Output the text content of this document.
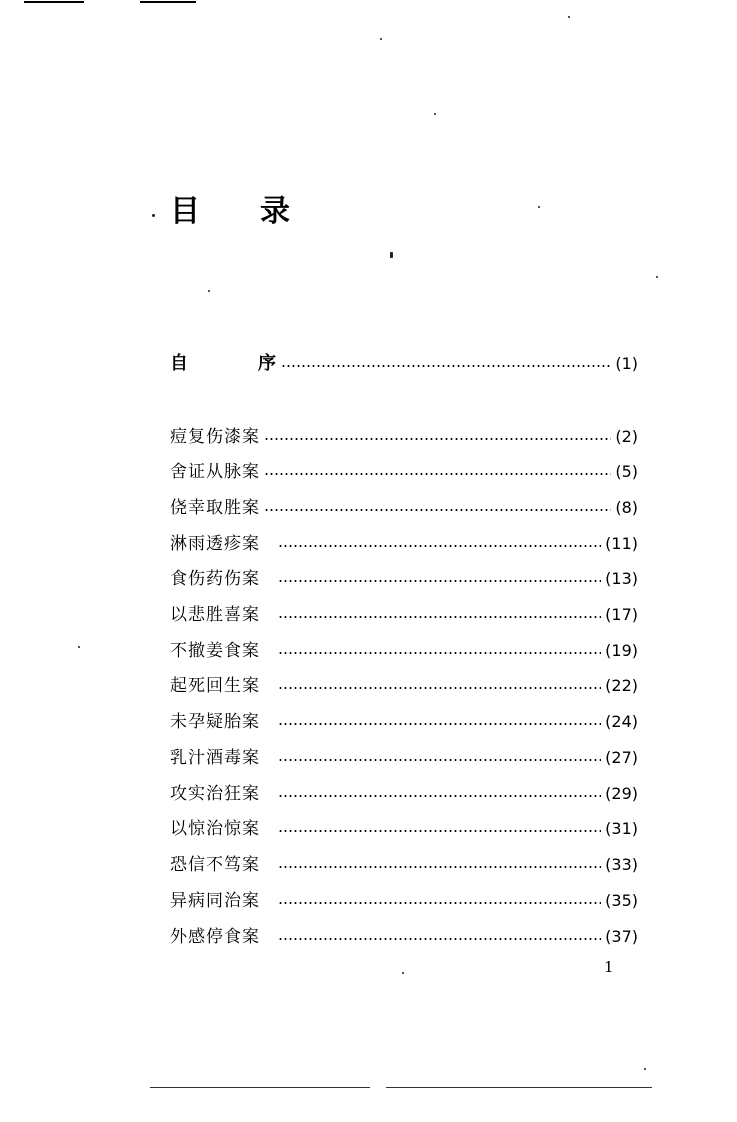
目 录
自	序	(1)
痘复伤漆案	(2)
舍证从脉案	(5)
侥幸取胜案	(8)
淋雨透疹案	(11)
食伤药伤案	(13)
以悲胜喜案	(17)
不撤姜食案	(19)
起死回生案	(22)
未孕疑胎案	(24)
乳汁酒毒案	(27)
攻实治狂案	(29)
以惊治惊案	(31)
恐信不笃案	(33)
异病同治案	(35)
外感停食案	(37)
1
